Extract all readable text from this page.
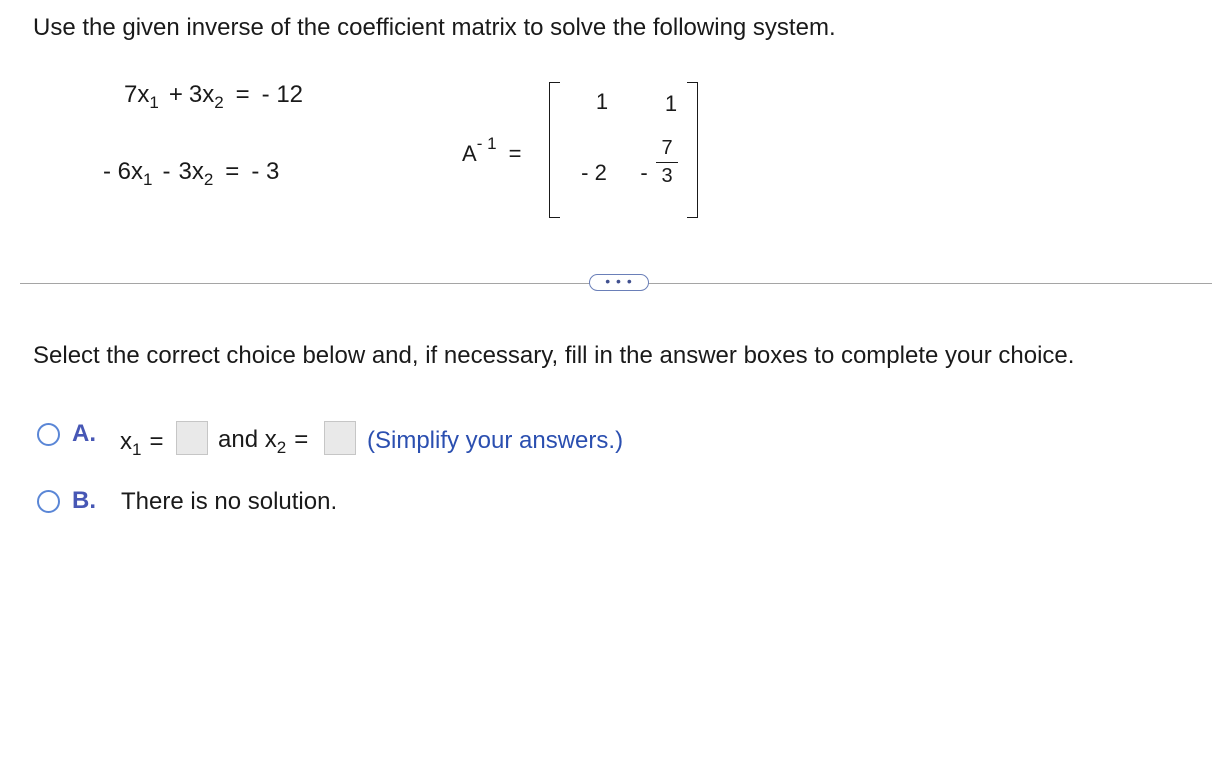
Use the given inverse of the coefficient matrix to solve the following system.
$7x_1 + 3x_2$ = - 12
- $6x_1 - 3x_2$ = - 3
$A^{- 1}$ =
1	1
- 2	-
7
3
• • •
Select the correct choice below and, if necessary, fill in the answer boxes to complete your choice.
A. $x_1$ = and $x_2$ = (Simplify your answers.)
B. There is no solution.
